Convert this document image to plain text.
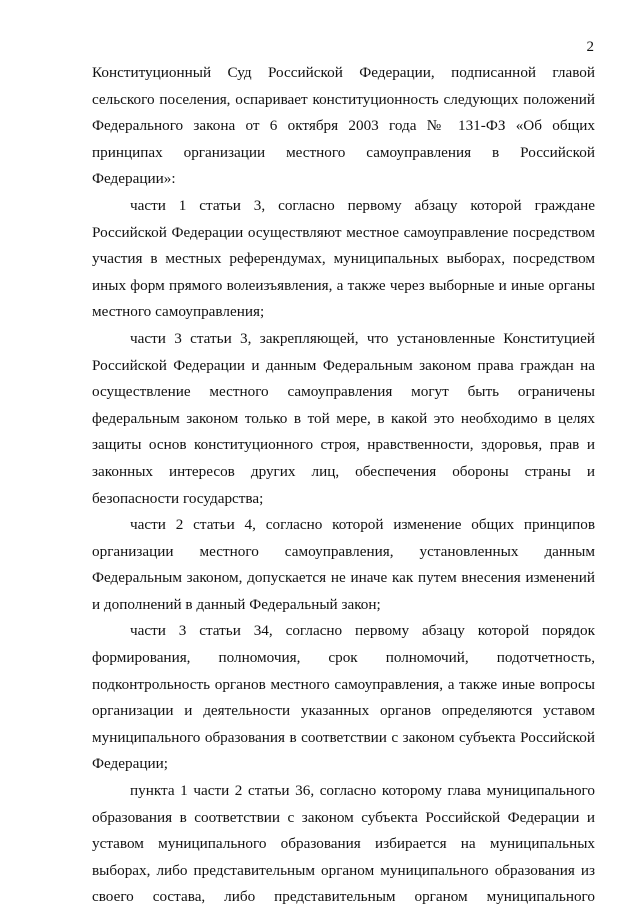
2

Конституционный Суд Российской Федерации, подписанной главой сельского поселения, оспаривает конституционность следующих положений Федерального закона от 6 октября 2003 года № 131-ФЗ «Об общих принципах организации местного самоуправления в Российской Федерации»:

части 1 статьи 3, согласно первому абзацу которой граждане Российской Федерации осуществляют местное самоуправление посредством участия в местных референдумах, муниципальных выборах, посредством иных форм прямого волеизъявления, а также через выборные и иные органы местного самоуправления;

части 3 статьи 3, закрепляющей, что установленные Конституцией Российской Федерации и данным Федеральным законом права граждан на осуществление местного самоуправления могут быть ограничены федеральным законом только в той мере, в какой это необходимо в целях защиты основ конституционного строя, нравственности, здоровья, прав и законных интересов других лиц, обеспечения обороны страны и безопасности государства;

части 2 статьи 4, согласно которой изменение общих принципов организации местного самоуправления, установленных данным Федеральным законом, допускается не иначе как путем внесения изменений и дополнений в данный Федеральный закон;

части 3 статьи 34, согласно первому абзацу которой порядок формирования, полномочия, срок полномочий, подотчетность, подконтрольность органов местного самоуправления, а также иные вопросы организации и деятельности указанных органов определяются уставом муниципального образования в соответствии с законом субъекта Российской Федерации;

пункта 1 части 2 статьи 36, согласно которому глава муниципального образования в соответствии с законом субъекта Российской Федерации и уставом муниципального образования избирается на муниципальных выборах, либо представительным органом муниципального образования из своего состава, либо представительным органом муниципального
